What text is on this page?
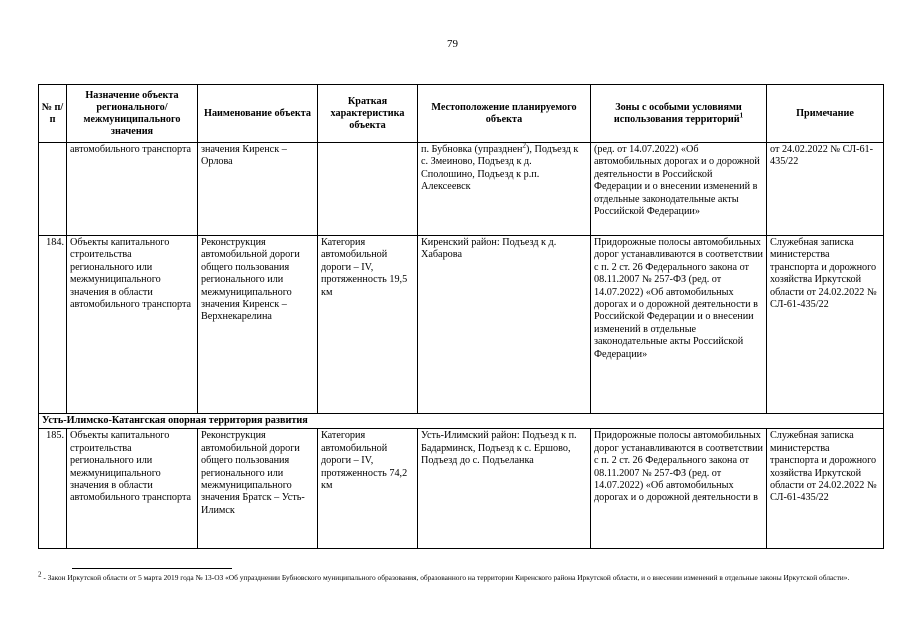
79
№ п/п	Назначение объекта регионального/ межмуниципального значения	Наименование объекта	Краткая характеристика объекта	Местоположение планируемого объекта	Зоны с особыми условиями использования территорий$^1$	Примечание
	автомобильного транспорта	значения Киренск – Орлова		п. Бубновка (упразднен$^2$), Подъезд к с. Змеиново, Подъезд к д. Сполошино, Подъезд к р.п. Алексеевск	(ред. от 14.07.2022) «Об автомобильных дорогах и о дорожной деятельности в Российской Федерации и о внесении изменений в отдельные законодательные акты Российской Федерации»	от 24.02.2022 № СЛ-61-435/22
184.	Объекты капитального строительства регионального или межмуниципального значения в области автомобильного транспорта	Реконструкция автомобильной дороги общего пользования регионального или межмуниципального значения Киренск – Верхнекарелина	Категория автомобильной дороги – IV, протяженность 19,5 км	Киренский район: Подъезд к д. Хабарова	Придорожные полосы автомобильных дорог устанавливаются в соответствии с п. 2 ст. 26 Федерального закона от 08.11.2007 № 257-ФЗ (ред. от 14.07.2022) «Об автомобильных дорогах и о дорожной деятельности в Российской Федерации и о внесении изменений в отдельные законодательные акты Российской Федерации»	Служебная записка министерства транспорта и дорожного хозяйства Иркутской области от 24.02.2022 № СЛ-61-435/22
Усть-Илимско-Катангская опорная территория развития						
185.	Объекты капитального строительства регионального или межмуниципального значения в области автомобильного транспорта	Реконструкция автомобильной дороги общего пользования регионального или межмуниципального значения Братск – Усть-Илимск	Категория автомобильной дороги – IV, протяженность 74,2 км	Усть-Илимский район: Подъезд к п. Бадарминск, Подъезд к с. Ершово, Подъезд до с. Подъеланка	Придорожные полосы автомобильных дорог устанавливаются в соответствии с п. 2 ст. 26 Федерального закона от 08.11.2007 № 257-ФЗ (ред. от 14.07.2022) «Об автомобильных дорогах и о дорожной деятельности в	Служебная записка министерства транспорта и дорожного хозяйства Иркутской области от 24.02.2022 № СЛ-61-435/22
$^2$ - Закон Иркутской области от 5 марта 2019 года № 13-ОЗ «Об упразднении Бубновского муниципального образования, образованного на территории Киренского района Иркутской области, и о внесении изменений в отдельные законы Иркутской области».
